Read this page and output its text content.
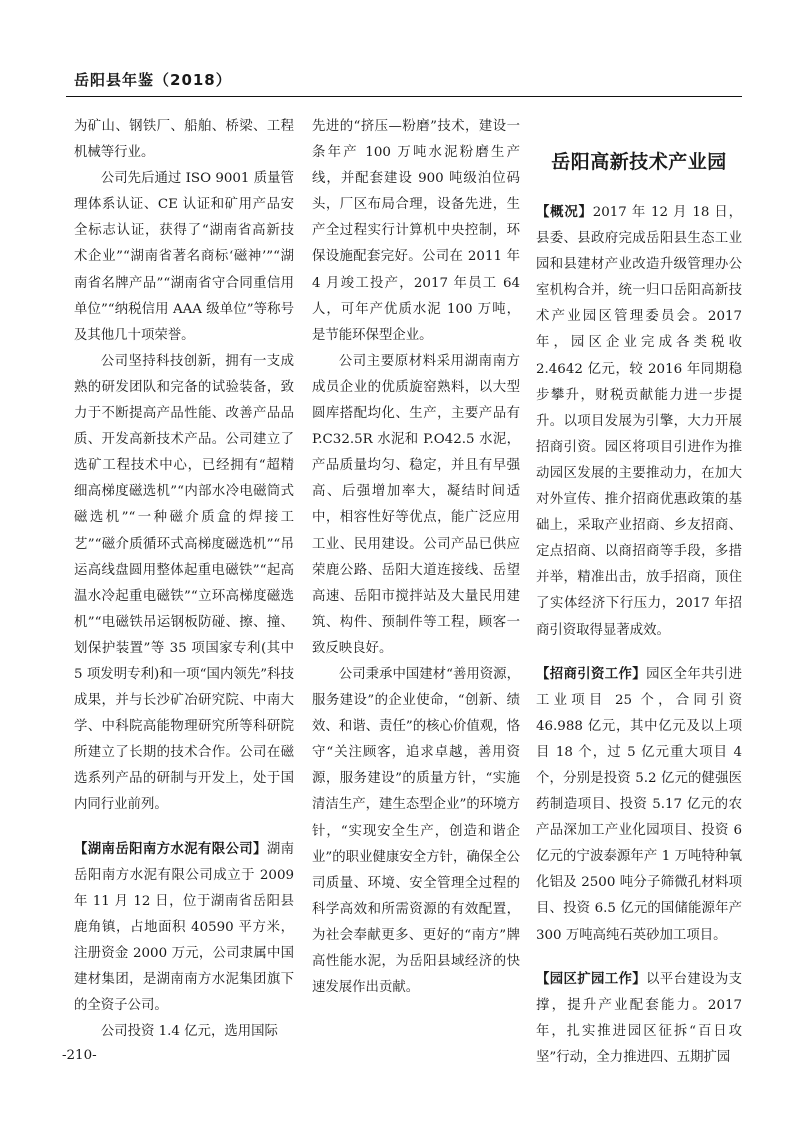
岳阳县年鉴（2018）

为矿山、钢铁厂、船舶、桥梁、工程机械等行业。

公司先后通过 ISO 9001 质量管理体系认证、CE 认证和矿用产品安全标志认证，获得了“湖南省高新技术企业”“湖南省著名商标‘磁神’”“湖南省名牌产品”“湖南省守合同重信用单位”“纳税信用 AAA 级单位”等称号及其他几十项荣誉。

公司坚持科技创新，拥有一支成熟的研发团队和完备的试验装备，致力于不断提高产品性能、改善产品品质、开发高新技术产品。公司建立了选矿工程技术中心，已经拥有“超精细高梯度磁选机”“内部水冷电磁筒式磁选机”“一种磁介质盒的焊接工艺”“磁介质循环式高梯度磁选机”“吊运高线盘圆用整体起重电磁铁”“起高温水冷起重电磁铁”“立环高梯度磁选机”“电磁铁吊运钢板防碰、擦、撞、划保护装置”等 35 项国家专利(其中 5 项发明专利)和一项“国内领先”科技成果，并与长沙矿冶研究院、中南大学、中科院高能物理研究所等科研院所建立了长期的技术合作。公司在磁选系列产品的研制与开发上，处于国内同行业前列。

【湖南岳阳南方水泥有限公司】湖南岳阳南方水泥有限公司成立于 2009 年 11 月 12 日，位于湖南省岳阳县鹿角镇，占地面积 40590 平方米，注册资金 2000 万元，公司隶属中国建材集团，是湖南南方水泥集团旗下的全资子公司。

公司投资 1.4 亿元，选用国际

先进的“挤压—粉磨”技术，建设一条年产 100 万吨水泥粉磨生产线，并配套建设 900 吨级泊位码头，厂区布局合理，设备先进，生产全过程实行计算机中央控制，环保设施配套完好。公司在 2011 年 4 月竣工投产，2017 年员工 64 人，可年产优质水泥 100 万吨，是节能环保型企业。

公司主要原材料采用湖南南方成员企业的优质旋窑熟料，以大型圆库搭配均化、生产，主要产品有 P.C32.5R 水泥和 P.O42.5 水泥，产品质量均匀、稳定，并且有早强高、后强增加率大，凝结时间适中，相容性好等优点，能广泛应用工业、民用建设。公司产品已供应荣鹿公路、岳阳大道连接线、岳望高速、岳阳市搅拌站及大量民用建筑、构件、预制件等工程，顾客一致反映良好。

公司秉承中国建材“善用资源，服务建设”的企业使命，“创新、绩效、和谐、责任”的核心价值观，恪守“关注顾客，追求卓越，善用资源，服务建设”的质量方针，“实施清洁生产，建生态型企业”的环境方针，“实现安全生产，创造和谐企业”的职业健康安全方针，确保全公司质量、环境、安全管理全过程的科学高效和所需资源的有效配置，为社会奉献更多、更好的“南方”牌高性能水泥，为岳阳县域经济的快速发展作出贡献。

岳阳高新技术产业园

【概况】2017 年 12 月 18 日，县委、县政府完成岳阳县生态工业园和县建材产业改造升级管理办公室机构合并，统一归口岳阳高新技术产业园区管理委员会。2017 年，园区企业完成各类税收 2.4642 亿元，较 2016 年同期稳步攀升，财税贡献能力进一步提升。以项目发展为引擎，大力开展招商引资。园区将项目引进作为推动园区发展的主要推动力，在加大对外宣传、推介招商优惠政策的基础上，采取产业招商、乡友招商、定点招商、以商招商等手段，多措并举，精准出击，放手招商，顶住了实体经济下行压力，2017 年招商引资取得显著成效。

【招商引资工作】园区全年共引进工业项目 25 个，合同引资 46.988 亿元，其中亿元及以上项目 18 个，过 5 亿元重大项目 4 个，分别是投资 5.2 亿元的健强医药制造项目、投资 5.17 亿元的农产品深加工产业化园项目、投资 6 亿元的宁波泰源年产 1 万吨特种氧化铝及 2500 吨分子筛微孔材料项目、投资 6.5 亿元的国储能源年产 300 万吨高纯石英砂加工项目。

【园区扩园工作】以平台建设为支撑，提升产业配套能力。2017 年，扎实推进园区征拆“百日攻坚”行动，全力推进四、五期扩园

-210-
